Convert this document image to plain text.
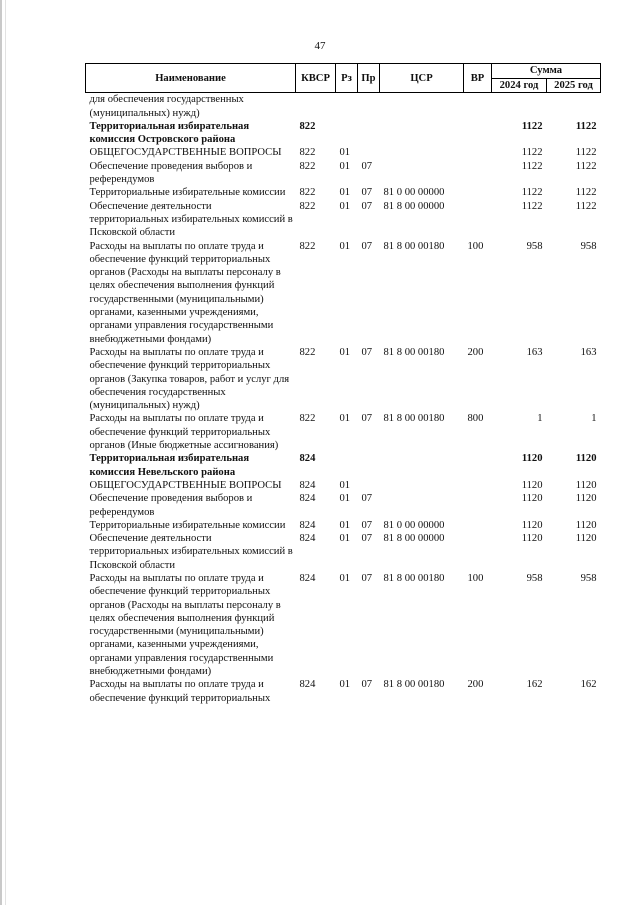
47
Наименование	КВСР	Рз	Пр	ЦСР	ВР	Сумма	
						2024 год	2025 год
для обеспечения государственных (муниципальных) нужд)							
Территориальная избирательная комиссия Островского района	822					1122	1122
ОБЩЕГОСУДАРСТВЕННЫЕ ВОПРОСЫ	822	01				1122	1122
Обеспечение проведения выборов и референдумов	822	01	07			1122	1122
Территориальные избирательные комиссии	822	01	07	81 0 00 00000		1122	1122
Обеспечение деятельности территориальных избирательных комиссий в Псковской области	822	01	07	81 8 00 00000		1122	1122
Расходы на выплаты по оплате труда и обеспечение функций территориальных органов (Расходы на выплаты персоналу в целях обеспечения выполнения функций государственными (муниципальными) органами, казенными учреждениями, органами управления государственными внебюджетными фондами)	822	01	07	81 8 00 00180	100	958	958
Расходы на выплаты по оплате труда и обеспечение функций территориальных органов (Закупка товаров, работ и услуг для обеспечения государственных (муниципальных) нужд)	822	01	07	81 8 00 00180	200	163	163
Расходы на выплаты по оплате труда и обеспечение функций территориальных органов (Иные бюджетные ассигнования)	822	01	07	81 8 00 00180	800	1	1
Территориальная избирательная комиссия Невельского района	824					1120	1120
ОБЩЕГОСУДАРСТВЕННЫЕ ВОПРОСЫ	824	01				1120	1120
Обеспечение проведения выборов и референдумов	824	01	07			1120	1120
Территориальные избирательные комиссии	824	01	07	81 0 00 00000		1120	1120
Обеспечение деятельности территориальных избирательных комиссий в Псковской области	824	01	07	81 8 00 00000		1120	1120
Расходы на выплаты по оплате труда и обеспечение функций территориальных органов (Расходы на выплаты персоналу в целях обеспечения выполнения функций государственными (муниципальными) органами, казенными учреждениями, органами управления государственными внебюджетными фондами)	824	01	07	81 8 00 00180	100	958	958
Расходы на выплаты по оплате труда и обеспечение функций территориальных	824	01	07	81 8 00 00180	200	162	162
